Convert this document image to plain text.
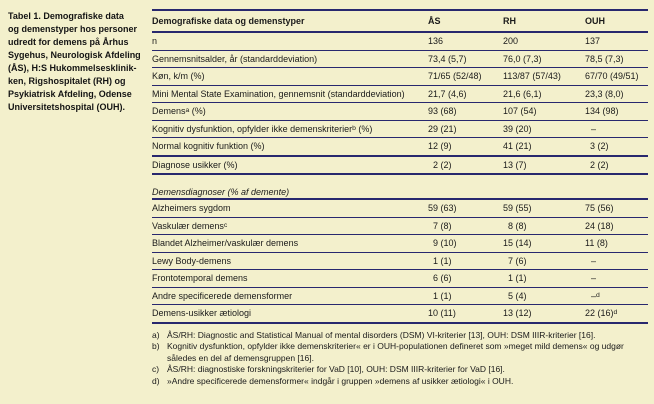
Tabel 1. Demografiske data
og demenstyper hos personer
udredt for demens på Århus
Sygehus, Neurologisk Afdeling
(ÅS), H:S Hukommelsesklinik-
ken, Rigshospitalet (RH) og
Psykiatrisk Afdeling, Odense
Universitetshospital (OUH).
Demografiske data og demenstyper	ÅS	RH	OUH
n	136	200	137
Gennemsnitsalder, år (standarddeviation)	73,4 (5,7)	76,0 (7,3)	78,5 (7,3)
Køn, k/m (%)	71/65 (52/48)	113/87 (57/43)	67/70 (49/51)
Mini Mental State Examination, gennemsnit (standarddeviation)	21,7 (4,6)	21,6 (6,1)	23,3 (8,0)
Demens$^a$ (%)	93 (68)	107 (54)	134 (98)
Kognitiv dysfunktion, opfylder ikke demenskriterier$^b$ (%)	29 (21)	39 (20)	–
Normal kognitiv funktion (%)	12 (9)	41 (21)	3 (2)
Diagnose usikker (%)	2 (2)	13 (7)	2 (2)
Demensdiagnoser (% af demente)
Alzheimers sygdom	59 (63)	59 (55)	75 (56)
Vaskulær demens$^c$	7 (8)	8 (8)	24 (18)
Blandet Alzheimer/vaskulær demens	9 (10)	15 (14)	11 (8)
Lewy Body-demens	1 (1)	7 (6)	–
Frontotemporal demens	6 (6)	1 (1)	–
Andre specificerede demensformer	1 (1)	5 (4)	–$^d$
Demens-usikker ætiologi	10 (11)	13 (12)	22 $(16)^d$
a) ÅS/RH: Diagnostic and Statistical Manual of mental disorders (DSM) VI-kriterier [13], OUH: DSM IIIR-kriterier [16].
b) Kognitiv dysfunktion, opfylder ikke demenskriterier« er i OUH-populationen defineret som »meget mild demens« og udgør således en del af demensgruppen [16].
c) ÅS/RH: diagnostiske forskningskriterier for VaD [10], OUH: DSM IIIR-kriterier for VaD [16].
d) »Andre specificerede demensformer« indgår i gruppen »demens af usikker ætiologi« i OUH.
